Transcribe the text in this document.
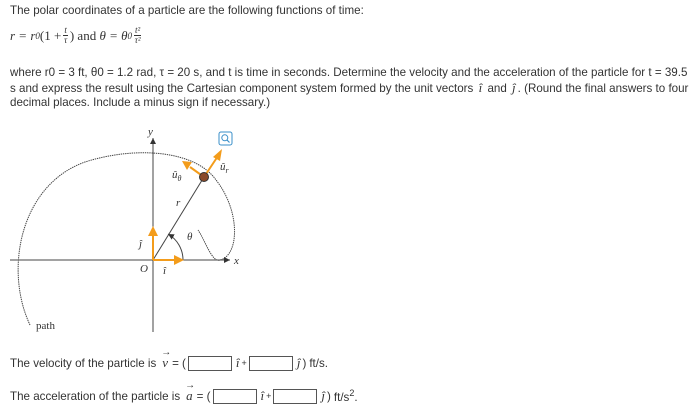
The polar coordinates of a particle are the following functions of time:
r = r 0 ($1 + \frac{t}{\tau}$ ) and θ = θ $0 \frac{\text{t²}}{\text{τ²}}$
where r0 = 3 ft, θ0 = 1.2 rad, τ = 20 s, and t is time in seconds. Determine the velocity and the acceleration of the particle for t = 39.5 s and express the result using the Cartesian component system formed by the unit vectors î and ĵ . (Round the final answers to four decimal places. Include a minus sign if necessary.)
y
x
O î
ĵ
r
θ
$û_\theta$
$û_r$
path
The velocity of the particle is
→
v = (	î +	ĵ ) ft/s.
The acceleration of the particle is
→
a = (	î +	ĵ ) $ft/s^2$.
